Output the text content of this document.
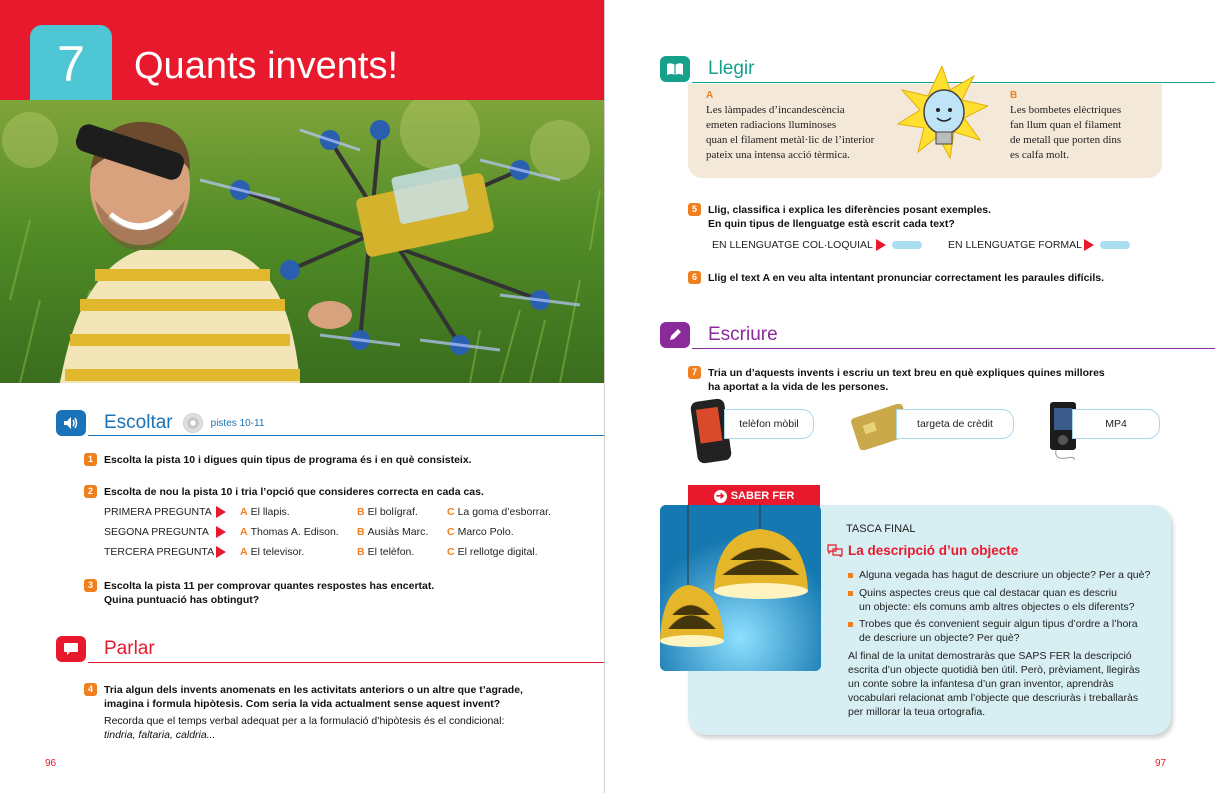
7	Quants invents!
Escoltar	pistes 10-11
1	Escolta la pista 10 i digues quin tipus de programa és i en què consisteix.
2	Escolta de nou la pista 10 i tria l’opció que consideres correcta en cada cas.
PRIMERA PREGUNTA	A El llapis.	B El bolígraf.	C La goma d’esborrar.
SEGONA PREGUNTA	A Thomas A. Edison. B Ausiàs Marc. C Marco Polo.
TERCERA PREGUNTA	A El televisor.	B El telèfon.	C El rellotge digital.
3	Escolta la pista 11 per comprovar quantes respostes has encertat.
Quina puntuació has obtingut?
Parlar
4	Tria algun dels invents anomenats en les activitats anteriors o un altre que t’agrade,
imagina i formula hipòtesis. Com seria la vida actualment sense aquest invent?
Recorda que el temps verbal adequat per a la formulació d’hipòtesis és el condicional:
tindria, faltaria, caldria...
96
Llegir
A
Les làmpades d’incandescència
emeten radiacions lluminoses
quan el filament metàl·lic de l’interior
pateix una intensa acció tèrmica.
B
Les bombetes elèctriques
fan llum quan el filament
de metall que porten dins
es calfa molt.
5	Llig, classifica i explica les diferències posant exemples.
En quin tipus de llenguatge està escrit cada text?
EN LLENGUATGE COL·LOQUIAL	EN LLENGUATGE FORMAL
6	Llig el text A en veu alta intentant pronunciar correctament les paraules difícils.
Escriure
7	Tria un d’aquests invents i escriu un text breu en què expliques quines millores
ha aportat a la vida de les persones.
telèfon mòbil	targeta de crèdit	MP4
➜ SABER FER
TASCA FINAL
La descripció d’un objecte
Alguna vegada has hagut de descriure un objecte? Per a què?
Quins aspectes creus que cal destacar quan es descriu
un objecte: els comuns amb altres objectes o els diferents?
Trobes que és convenient seguir algun tipus d’ordre a l’hora
de descriure un objecte? Per què?
Al final de la unitat demostraràs que SAPS FER la descripció
escrita d’un objecte quotidià ben útil. Però, prèviament, llegiràs
un conte sobre la infantesa d’un gran inventor, aprendràs
vocabulari relacionat amb l’objecte que descriuràs i treballaràs
per millorar la teua ortografia.
97
